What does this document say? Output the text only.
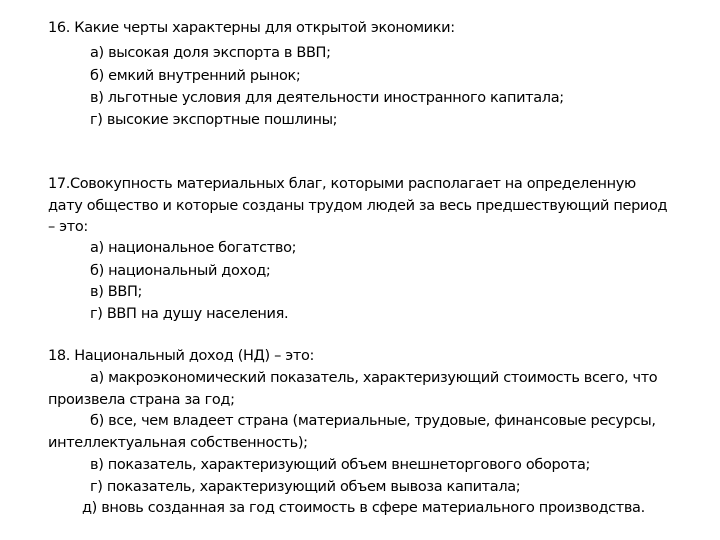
16. Какие черты характерны для открытой экономики:
а) высокая доля экспорта в ВВП;
б) емкий внутренний рынок;
в) льготные условия для деятельности иностранного капитала;
г) высокие экспортные пошлины;
17.Совокупность материальных благ, которыми располагает на определенную
дату общество и которые созданы трудом людей за весь предшествующий период
– это:
а) национальное богатство;
б) национальный доход;
в) ВВП;
г) ВВП на душу населения.
18. Национальный доход (НД) – это:
а) макроэкономический показатель, характеризующий стоимость всего, что
произвела страна за год;
б) все, чем владеет страна (материальные, трудовые, финансовые ресурсы,
интеллектуальная собственность);
в) показатель, характеризующий объем внешнеторгового оборота;
г) показатель, характеризующий объем вывоза капитала;
д) вновь созданная за год стоимость в сфере материального производства.
